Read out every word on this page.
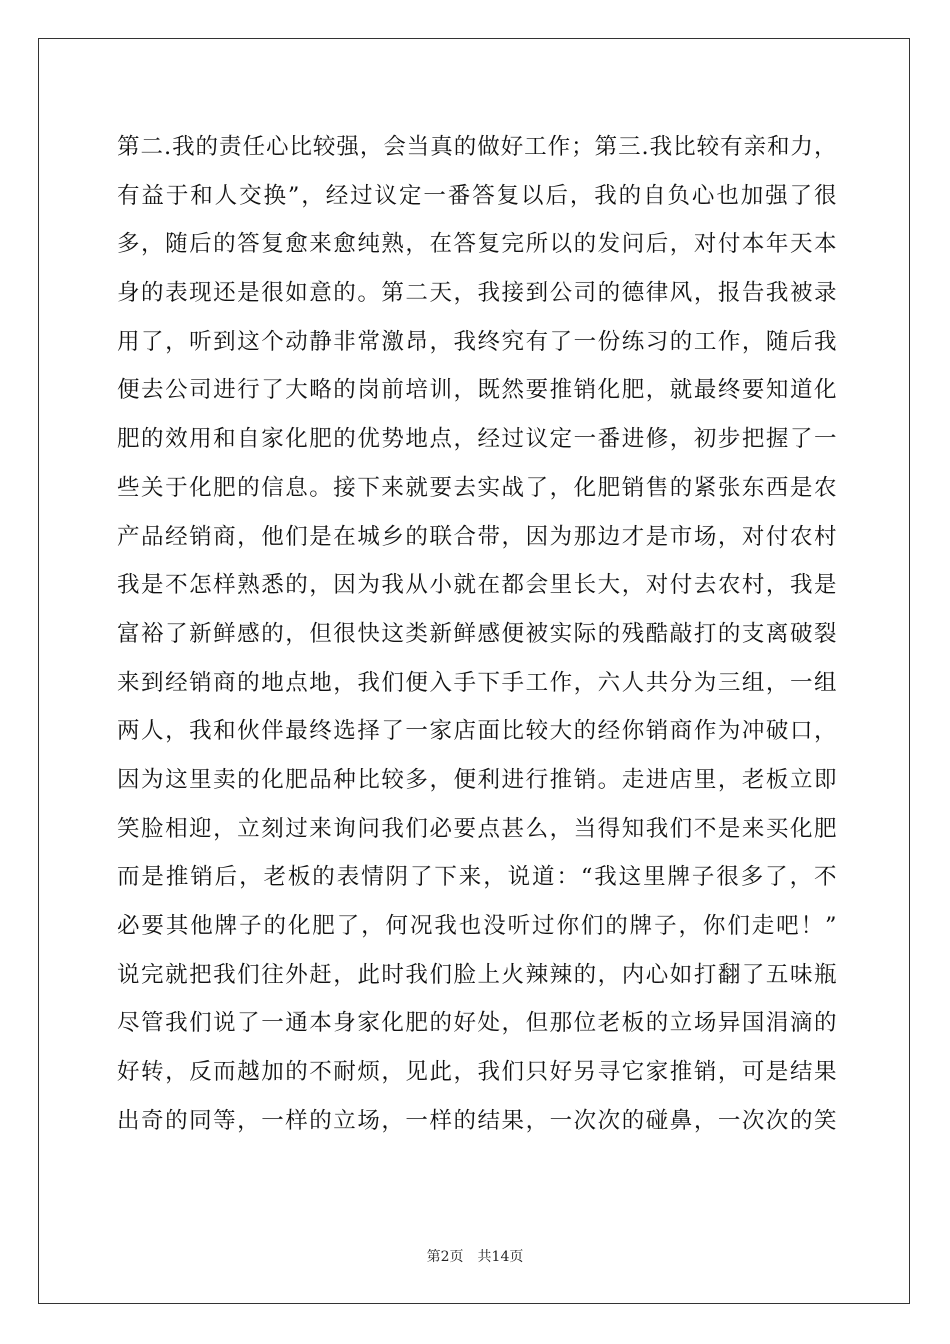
第二.我的责任心比较强，会当真的做好工作；第三.我比较有亲和力，
有益于和人交换”，经过议定一番答复以后，我的自负心也加强了很
多，随后的答复愈来愈纯熟，在答复完所以的发问后，对付本年天本
身的表现还是很如意的。第二天，我接到公司的德律风，报告我被录
用了，听到这个动静非常激昂，我终究有了一份练习的工作，随后我
便去公司进行了大略的岗前培训，既然要推销化肥，就最终要知道化
肥的效用和自家化肥的优势地点，经过议定一番进修，初步把握了一
些关于化肥的信息。接下来就要去实战了，化肥销售的紧张东西是农
产品经销商，他们是在城乡的联合带，因为那边才是市场，对付农村
我是不怎样熟悉的，因为我从小就在都会里长大，对付去农村，我是
富裕了新鲜感的，但很快这类新鲜感便被实际的残酷敲打的支离破裂
来到经销商的地点地，我们便入手下手工作，六人共分为三组，一组
两人，我和伙伴最终选择了一家店面比较大的经你销商作为冲破口，
因为这里卖的化肥品种比较多，便利进行推销。走进店里，老板立即
笑脸相迎，立刻过来询问我们必要点甚么，当得知我们不是来买化肥
而是推销后，老板的表情阴了下来，说道：“我这里牌子很多了，不
必要其他牌子的化肥了，何况我也没听过你们的牌子，你们走吧！”
说完就把我们往外赶，此时我们脸上火辣辣的，内心如打翻了五味瓶
尽管我们说了一通本身家化肥的好处，但那位老板的立场异国涓滴的
好转，反而越加的不耐烦，见此，我们只好另寻它家推销，可是结果
出奇的同等，一样的立场，一样的结果，一次次的碰鼻，一次次的笑
第2页 共14页
